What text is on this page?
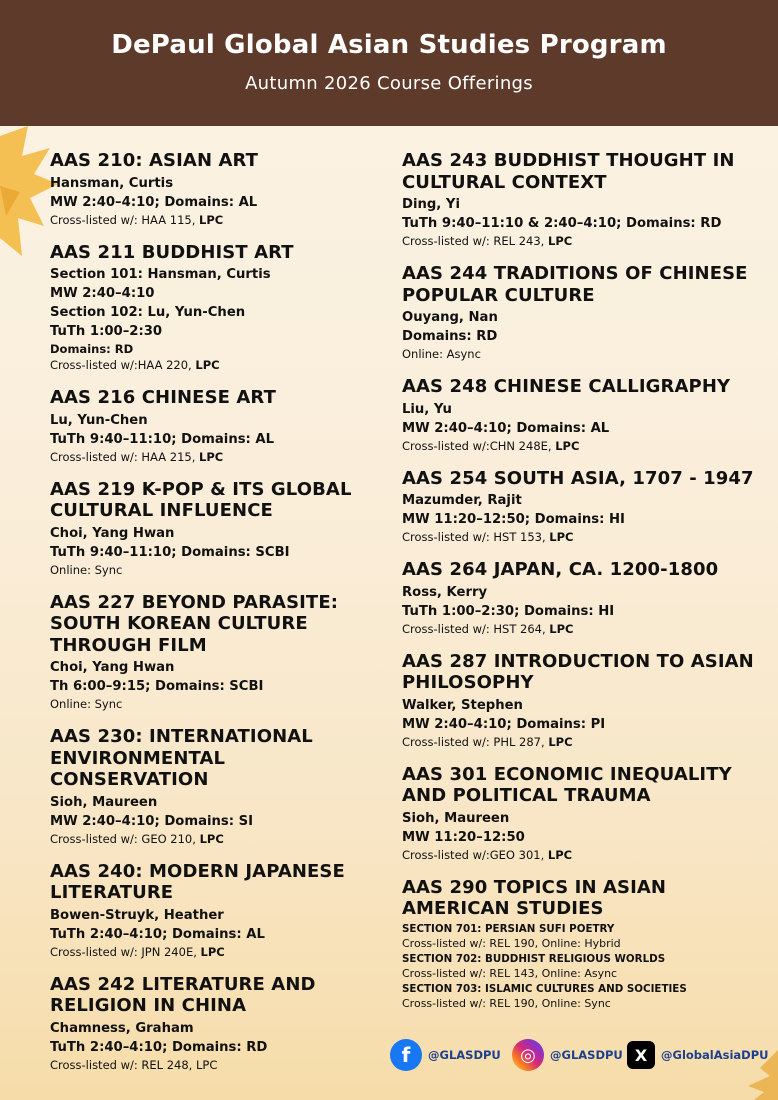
DePaul Global Asian Studies Program
Autumn 2026 Course Offerings
AAS 210: ASIAN ART
Hansman, Curtis
MW 2:40–4:10; Domains: AL
Cross-listed w/: HAA 115, LPC
AAS 211 BUDDHIST ART
Section 101: Hansman, Curtis
MW 2:40–4:10
Section 102: Lu, Yun-Chen
TuTh 1:00–2:30
Domains: RD
Cross-listed w/:HAA 220, LPC
AAS 216 CHINESE ART
Lu, Yun-Chen
TuTh 9:40–11:10; Domains: AL
Cross-listed w/: HAA 215, LPC
AAS 219 K-POP & ITS GLOBAL CULTURAL INFLUENCE
Choi, Yang Hwan
TuTh 9:40–11:10; Domains: SCBI
Online: Sync
AAS 227 BEYOND PARASITE: SOUTH KOREAN CULTURE THROUGH FILM
Choi, Yang Hwan
Th 6:00–9:15; Domains: SCBI
Online: Sync
AAS 230: INTERNATIONAL ENVIRONMENTAL CONSERVATION
Sioh, Maureen
MW 2:40–4:10; Domains: SI
Cross-listed w/: GEO 210, LPC
AAS 240: MODERN JAPANESE LITERATURE
Bowen-Struyk, Heather
TuTh 2:40–4:10; Domains: AL
Cross-listed w/: JPN 240E, LPC
AAS 242 LITERATURE AND RELIGION IN CHINA
Chamness, Graham
TuTh 2:40–4:10; Domains: RD
Cross-listed w/: REL 248, LPC
AAS 243 BUDDHIST THOUGHT IN CULTURAL CONTEXT
Ding, Yi
TuTh 9:40–11:10 & 2:40–4:10; Domains: RD
Cross-listed w/: REL 243, LPC
AAS 244 TRADITIONS OF CHINESE POPULAR CULTURE
Ouyang, Nan
Domains: RD
Online: Async
AAS 248 CHINESE CALLIGRAPHY
Liu, Yu
MW 2:40–4:10; Domains: AL
Cross-listed w/:CHN 248E, LPC
AAS 254 SOUTH ASIA, 1707 - 1947
Mazumder, Rajit
MW 11:20–12:50; Domains: HI
Cross-listed w/: HST 153, LPC
AAS 264 JAPAN, CA. 1200-1800
Ross, Kerry
TuTh 1:00–2:30; Domains: HI
Cross-listed w/: HST 264, LPC
AAS 287 INTRODUCTION TO ASIAN PHILOSOPHY
Walker, Stephen
MW 2:40–4:10; Domains: PI
Cross-listed w/: PHL 287, LPC
AAS 301 ECONOMIC INEQUALITY AND POLITICAL TRAUMA
Sioh, Maureen
MW 11:20–12:50
Cross-listed w/:GEO 301, LPC
AAS 290 TOPICS IN ASIAN AMERICAN STUDIES
SECTION 701: PERSIAN SUFI POETRY
Cross-listed w/: REL 190, Online: Hybrid
SECTION 702: BUDDHIST RELIGIOUS WORLDS
Cross-listed w/: REL 143, Online: Async
SECTION 703: ISLAMIC CULTURES AND SOCIETIES
Cross-listed w/: REL 190, Online: Sync
f	@GLASDPU	◎	@GLASDPU X	@GlobalAsiaDPU
